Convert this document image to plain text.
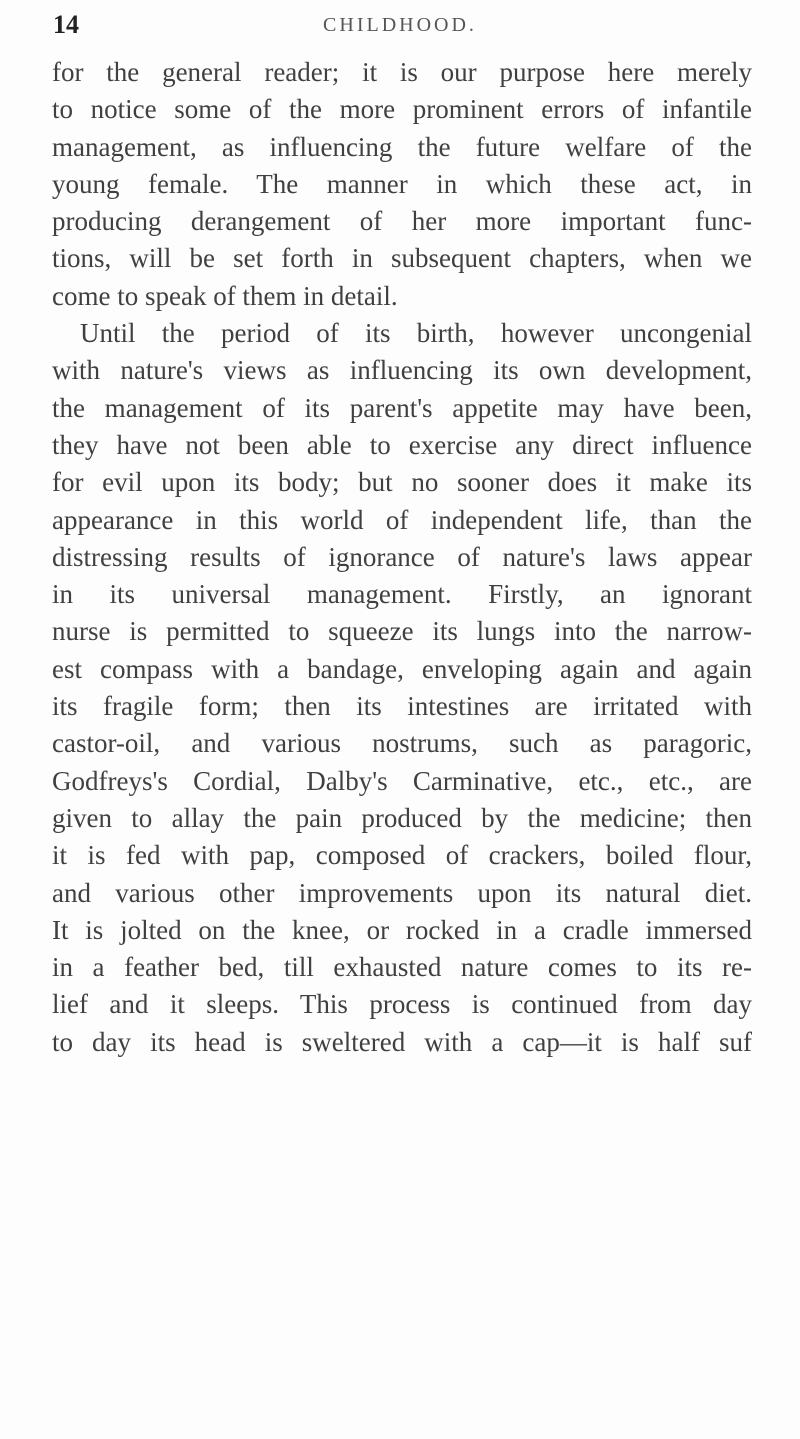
14	CHILDHOOD.
for the general reader; it is our purpose here merely
to notice some of the more prominent errors of infantile
management, as influencing the future welfare of the
young female. The manner in which these act, in
producing derangement of her more important func-
tions, will be set forth in subsequent chapters, when we
come to speak of them in detail.
Until the period of its birth, however uncongenial
with nature's views as influencing its own development,
the management of its parent's appetite may have been,
they have not been able to exercise any direct influence
for evil upon its body; but no sooner does it make its
appearance in this world of independent life, than the
distressing results of ignorance of nature's laws appear
in its universal management. Firstly, an ignorant
nurse is permitted to squeeze its lungs into the narrow-
est compass with a bandage, enveloping again and again
its fragile form; then its intestines are irritated with
castor-oil, and various nostrums, such as paragoric,
Godfreys's Cordial, Dalby's Carminative, etc., etc., are
given to allay the pain produced by the medicine; then
it is fed with pap, composed of crackers, boiled flour,
and various other improvements upon its natural diet.
It is jolted on the knee, or rocked in a cradle immersed
in a feather bed, till exhausted nature comes to its re-
lief and it sleeps. This process is continued from day
to day its head is sweltered with a cap—it is half suf
